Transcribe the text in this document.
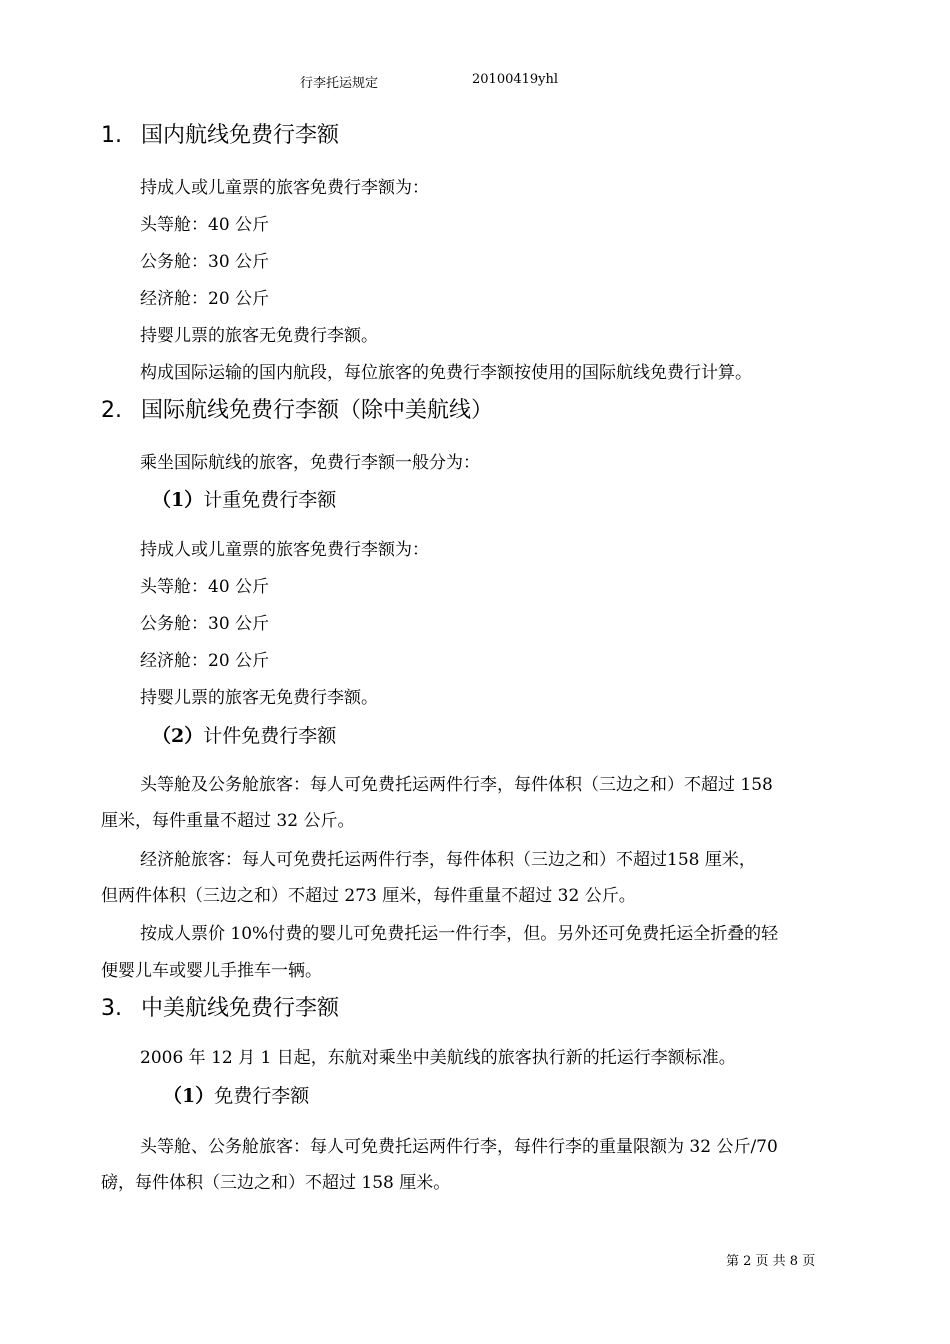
行李托运规定	20100419yhl
1. 国内航线免费行李额
持成人或儿童票的旅客免费行李额为：
头等舱：40 公斤
公务舱：30 公斤
经济舱：20 公斤
持婴儿票的旅客无免费行李额。
构成国际运输的国内航段，每位旅客的免费行李额按使用的国际航线免费行计算。
2. 国际航线免费行李额（除中美航线）
乘坐国际航线的旅客，免费行李额一般分为：
（1）计重免费行李额
持成人或儿童票的旅客免费行李额为：
头等舱：40 公斤
公务舱：30 公斤
经济舱：20 公斤
持婴儿票的旅客无免费行李额。
（2）计件免费行李额
头等舱及公务舱旅客：每人可免费托运两件行李，每件体积（三边之和）不超过 158
厘米，每件重量不超过 32 公斤。
经济舱旅客：每人可免费托运两件行李，每件体积（三边之和）不超过158 厘米，
但两件体积（三边之和）不超过 273 厘米，每件重量不超过 32 公斤。
按成人票价 10%付费的婴儿可免费托运一件行李，但。另外还可免费托运全折叠的轻
便婴儿车或婴儿手推车一辆。
3. 中美航线免费行李额
2006 年 12 月 1 日起，东航对乘坐中美航线的旅客执行新的托运行李额标准。
（1）免费行李额
头等舱、公务舱旅客：每人可免费托运两件行李，每件行李的重量限额为 32 公斤/70
磅，每件体积（三边之和）不超过 158 厘米。
第 2 页 共 8 页
